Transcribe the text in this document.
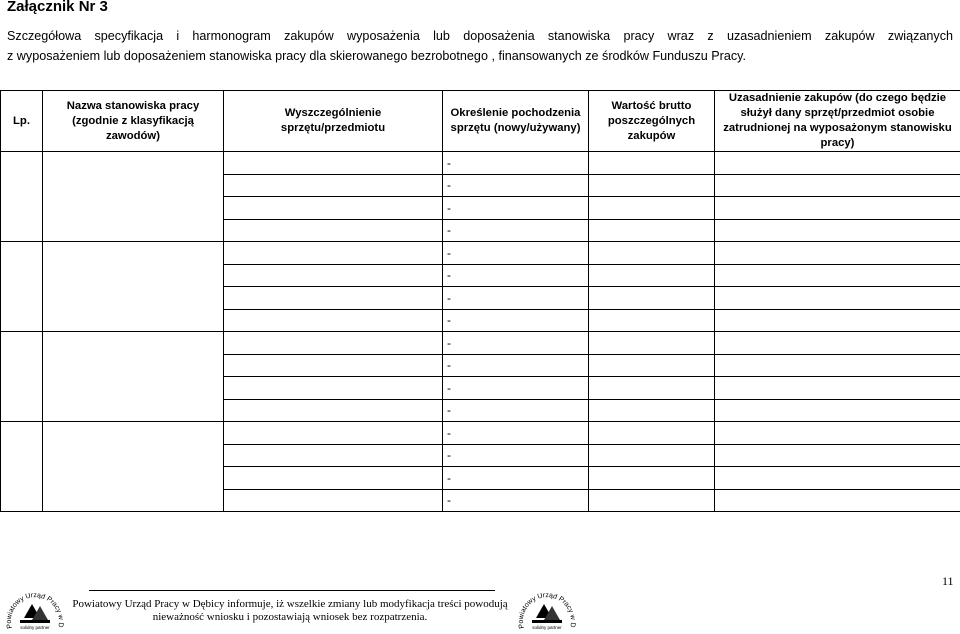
Załącznik Nr 3
Szczegółowa specyfikacja i harmonogram zakupów wyposażenia lub doposażenia stanowiska pracy wraz z uzasadnieniem zakupów związanych
z wyposażeniem lub doposażeniem stanowiska pracy dla skierowanego bezrobotnego , finansowanych ze środków Funduszu Pracy.
Lp.	Nazwa stanowiska pracy (zgodnie z klasyfikacją zawodów)	Wyszczególnienie sprzętu/przedmiotu	Określenie pochodzenia sprzętu (nowy/używany)	Wartość brutto poszczególnych zakupów	Uzasadnienie zakupów (do czego będzie służył dany sprzęt/przedmiot osobie zatrudnionej na wyposażonym stanowisku pracy)
			-		
			-		
			-		
			-		
			-		
			-		
			-		
			-		
			-		
			-		
			-		
			-		
			-		
			-		
			-		
			-		
11
Powiatowy Urząd Pracy w D
solidny partner
Powiatowy Urząd Pracy w Dębicy informuje, iż wszelkie zmiany lub modyfikacja treści powodują
nieważność wniosku i pozostawiają wniosek bez rozpatrzenia.
Powiatowy Urząd Pracy w D
solidny partner
